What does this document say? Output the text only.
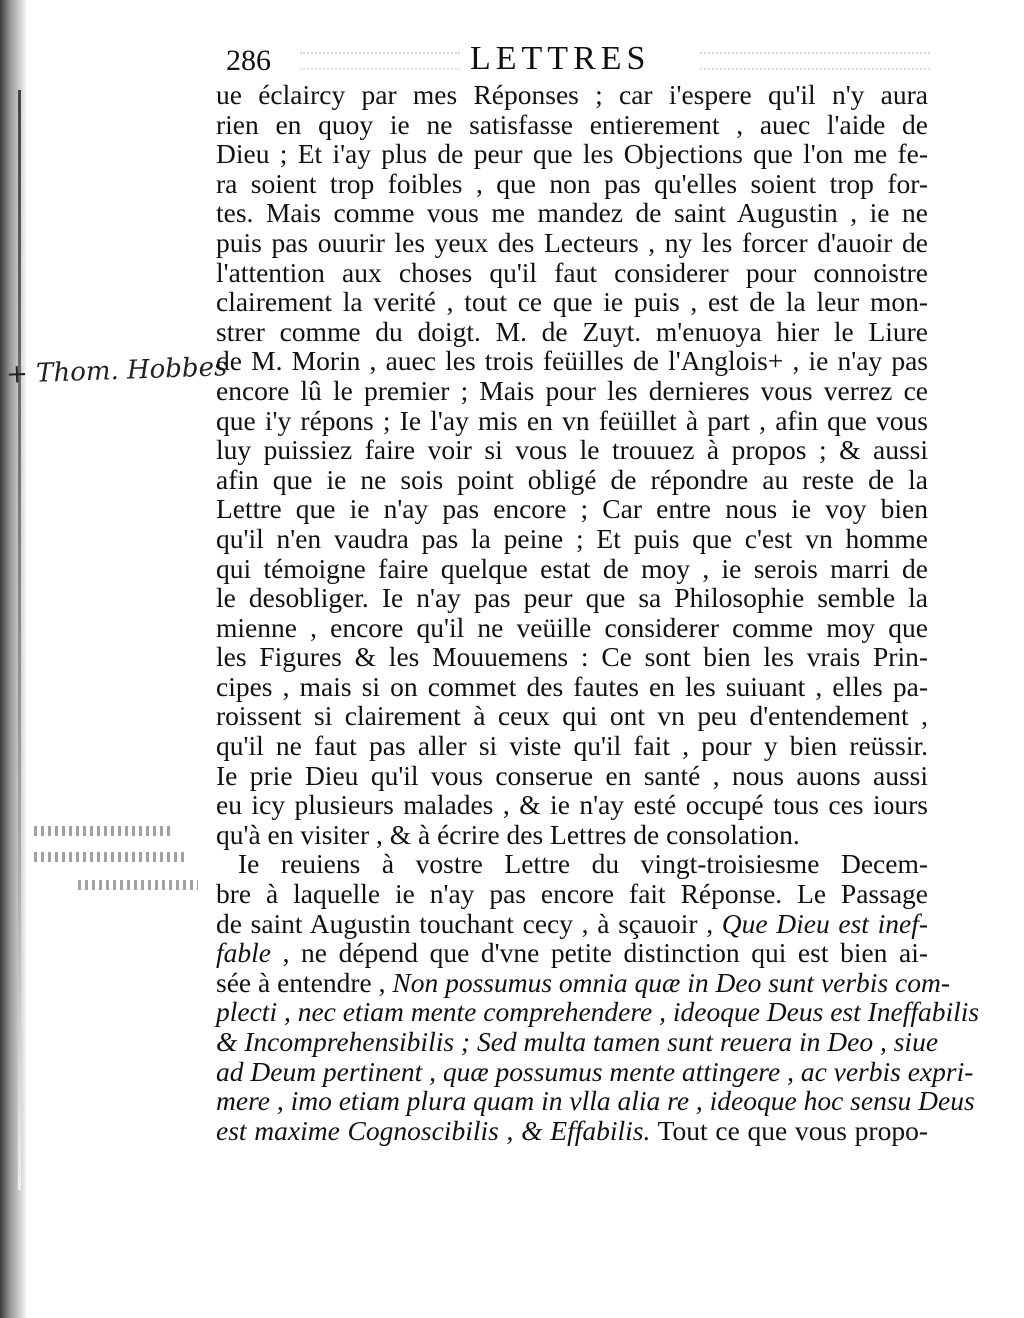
286	LETTRES
+ Thom. Hobbes
ue éclaircy par mes Réponses ; car i'espere qu'il n'y aura
rien en quoy ie ne satisfasse entierement , auec l'aide de
Dieu ; Et i'ay plus de peur que les Objections que l'on me fe-
ra soient trop foibles , que non pas qu'elles soient trop for-
tes. Mais comme vous me mandez de saint Augustin , ie ne
puis pas ouurir les yeux des Lecteurs , ny les forcer d'auoir de
l'attention aux choses qu'il faut considerer pour connoistre
clairement la verité , tout ce que ie puis , est de la leur mon-
strer comme du doigt. M. de Zuyt. m'enuoya hier le Liure
de M. Morin , auec les trois feüilles de l'Anglois+ , ie n'ay pas
encore lû le premier ; Mais pour les dernieres vous verrez ce
que i'y répons ; Ie l'ay mis en vn feüillet à part , afin que vous
luy puissiez faire voir si vous le trouuez à propos ; & aussi
afin que ie ne sois point obligé de répondre au reste de la
Lettre que ie n'ay pas encore ; Car entre nous ie voy bien
qu'il n'en vaudra pas la peine ; Et puis que c'est vn homme
qui témoigne faire quelque estat de moy , ie serois marri de
le desobliger. Ie n'ay pas peur que sa Philosophie semble la
mienne , encore qu'il ne veüille considerer comme moy que
les Figures & les Mouuemens : Ce sont bien les vrais Prin-
cipes , mais si on commet des fautes en les suiuant , elles pa-
roissent si clairement à ceux qui ont vn peu d'entendement ,
qu'il ne faut pas aller si viste qu'il fait , pour y bien reüssir.
Ie prie Dieu qu'il vous conserue en santé , nous auons aussi
eu icy plusieurs malades , & ie n'ay esté occupé tous ces iours
qu'à en visiter , & à écrire des Lettres de consolation.
Ie reuiens à vostre Lettre du vingt-troisiesme Decem-
bre à laquelle ie n'ay pas encore fait Réponse. Le Passage
de saint Augustin touchant cecy , à sçauoir , Que Dieu est inef-
fable , ne dépend que d'vne petite distinction qui est bien ai-
sée à entendre , Non possumus omnia quæ in Deo sunt verbis com-
plecti , nec etiam mente comprehendere , ideoque Deus est Ineffabilis
& Incomprehensibilis ; Sed multa tamen sunt reuera in Deo , siue
ad Deum pertinent , quæ possumus mente attingere , ac verbis expri-
mere , imo etiam plura quam in vlla alia re , ideoque hoc sensu Deus
est maxime Cognoscibilis , & Effabilis. Tout ce que vous propo-
